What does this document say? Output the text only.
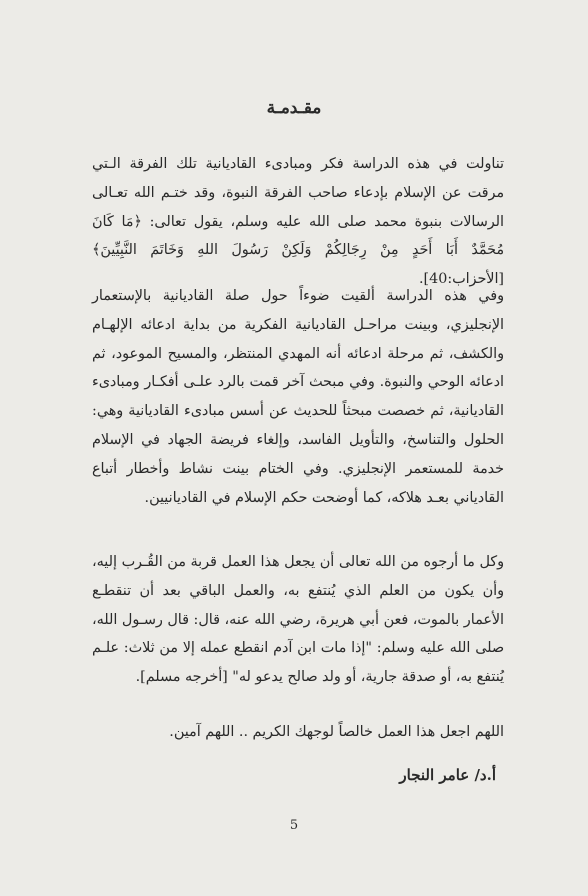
مقـدمـة

تناولت في هذه الدراسة فكر ومبادىء القاديانية تلك الفرقة الـتي مرقت عن الإسلام بإدعاء صاحب الفرقة النبوة، وقد ختـم الله تعـالى الرسالات بنبوة محمد صلى الله عليه وسلم، يقول تعالى: ﴿مَا كَانَ مُحَمَّدٌ أَبَا أَحَدٍ مِنْ رِجَالِكُمْ وَلَكِنْ رَسُولَ اللهِ وَخَاتَمَ النَّبِيِّينَ﴾ [الأحزاب:40].

وفي هذه الدراسة ألقيت ضوءاً حول صلة القاديانية بالإستعمار الإنجليزي، وبينت مراحـل القاديانية الفكرية من بداية ادعائه الإلهـام والكشف، ثم مرحلة ادعائه أنه المهدي المنتظر، والمسيح الموعود، ثم ادعائه الوحي والنبوة. وفي مبحث آخر قمت بالرد علـى أفكـار ومبادىء القاديانية، ثم خصصت مبحثاً للحديث عن أسس مبادىء القاديانية وهي: الحلول والتناسخ، والتأويل الفاسد، وإلغاء فريضة الجهاد في الإسلام خدمة للمستعمر الإنجليزي. وفي الختام بينت نشاط وأخطار أتباع القادياني بعـد هلاكه، كما أوضحت حكم الإسلام في القاديانيين.

وكل ما أرجوه من الله تعالى أن يجعل هذا العمل قربة من القُـرب إليه، وأن يكون من العلم الذي يُنتفع به، والعمل الباقي بعد أن تنقطـع الأعمار بالموت، فعن أبي هريرة، رضي الله عنه، قال: قال رسـول الله، صلى الله عليه وسلم: "إذا مات ابن آدم انقطع عمله إلا من ثلاث: علـم يُنتفع به، أو صدقة جارية، أو ولد صالح يدعو له" [أخرجه مسلم].

اللهم اجعل هذا العمل خالصاً لوجهك الكريم .. اللهم آمين.

أ.د/ عامر النجار

5
